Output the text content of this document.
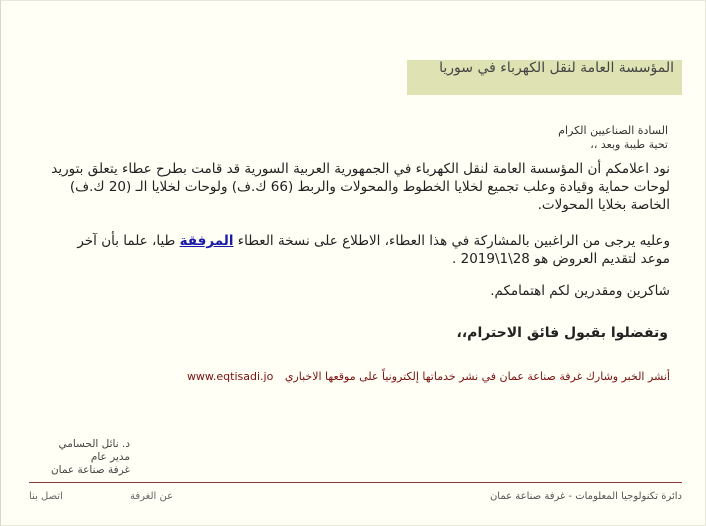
المؤسسة العامة لنقل الكهرباء في سوريا
السادة الصناعيين الكرام
تحية طيبة وبعد ،،
نود اعلامكم أن المؤسسة العامة لنقل الكهرباء في الجمهورية العربية السورية قد قامت بطرح عطاء يتعلق بتوريد لوحات حماية وقيادة وعلب تجميع لخلايا الخطوط والمحولات والربط (66 ك.ف) ولوحات لخلايا الـ (20 ك.ف) الخاصة بخلايا المحولات.
وعليه يرجى من الراغبين بالمشاركة في هذا العطاء، الاطلاع على نسخة العطاء المرفقة طيا، علما بأن آخر موعد لتقديم العروض هو 28\1\2019 .
شاكرين ومقدرين لكم اهتمامكم.
وتفضلوا بقبول فائق الاحترام،،
أنشر الخبر وشارك غرفة صناعة عمان في نشر خدماتها إلكترونياً على موقعها الاخباري www.eqtisadi.jo
د. نائل الحسامي
مدير عام
غرفة صناعة عمان
دائرة تكنولوجيا المعلومات - غرفة صناعة عمان
عن الغرفة
اتصل بنا
